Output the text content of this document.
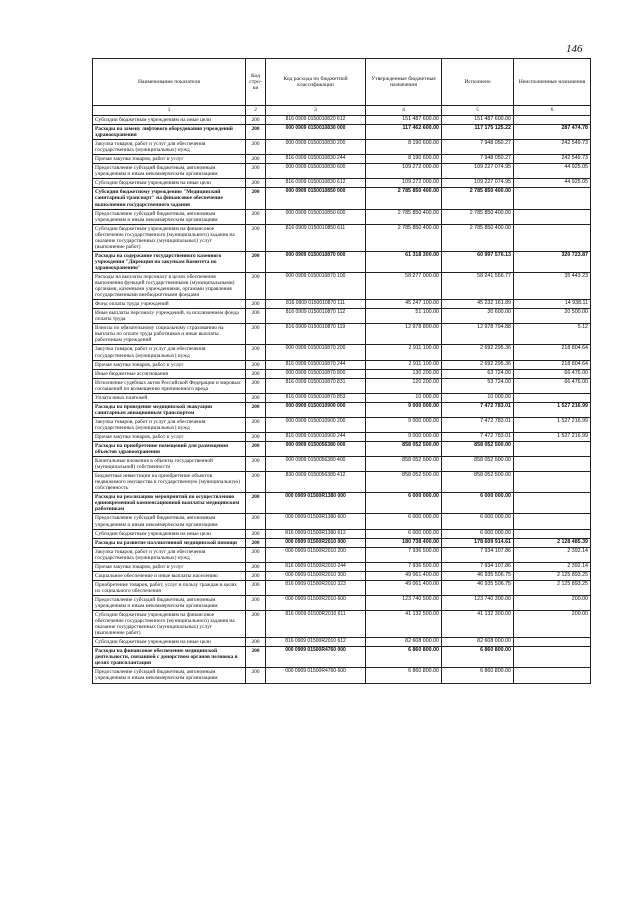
146
Наименование показателя	Код стро-ки	Код расхода по бюджетной классификации	Утвержденные бюджетные назначения	Исполнено	Неисполненные назначения
1	2	3	4	5	6
Субсидии бюджетным учреждениям на иные цели	200	816 0909 0150010820 612	151 487 600.00	151 487 600.00	
Расходы на замену лифтового оборудования учреждений здравоохранения	200	000 0909 0150010830 000	117 462 600.00	117 175 125.22	287 474.78
Закупка товаров, работ и услуг для обеспечения государственных (муниципальных) нужд	200	000 0909 0150010830 200	8 190 600.00	7 948 050.27	242 549.73
Прочая закупка товаров, работ и услуг	200	816 0909 0150010830 244	8 190 600.00	7 948 050.27	242 549.73
Предоставление субсидий бюджетным, автономным учреждениям и иным некоммерческим организациям	200	000 0909 0150010830 600	109 272 000.00	109 227 074.95	44 925.05
Субсидии бюджетным учреждениям на иные цели	200	816 0909 0150010830 612	109 272 000.00	109 227 074.95	44 925.05
Субсидии бюджетному учреждению "Медицинский санитарный транспорт" на финансовое обеспечение выполнения государственного задания	200	000 0909 0150010850 000	2 785 850 400.00	2 785 850 400.00	
Предоставление субсидий бюджетным, автономным учреждениям и иным некоммерческим организациям	200	000 0909 0150010850 600	2 785 850 400.00	2 785 850 400.00	
Субсидии бюджетным учреждениям на финансовое обеспечение государственного (муниципального) задания на оказание государственных (муниципальных) услуг (выполнение работ)	200	816 0909 0150010850 611	2 785 850 400.00	2 785 850 400.00	
Расходы на содержание государственного казенного учреждения "Дирекция по закупкам Комитета по здравоохранению"	200	000 0909 0150010870 000	61 318 300.00	60 997 576.13	320 723.87
Расходы на выплаты персоналу в целях обеспечения выполнения функций государственными (муниципальными) органами, казенными учреждениями, органами управления государственными внебюджетными фондами	200	000 0909 0150010870 100	58 277 000.00	58 241 556.77	35 443.23
Фонд оплаты труда учреждений	200	816 0909 0150010870 111	45 247 100.00	45 232 161.89	14 938.11
Иные выплаты персоналу учреждений, за исключением фонда оплаты труда	200	816 0909 0150010870 112	51 100.00	30 600.00	20 500.00
Взносы по обязательному социальному страхованию на выплаты по оплате труда работников и иные выплаты работникам учреждений	200	816 0909 0150010870 119	12 978 800.00	12 978 794.88	5.12
Закупка товаров, работ и услуг для обеспечения государственных (муниципальных) нужд	200	000 0909 0150010870 200	2 911 100.00	2 692 295.36	218 804.64
Прочая закупка товаров, работ и услуг	200	816 0909 0150010870 244	2 911 100.00	2 692 295.36	218 804.64
Иные бюджетные ассигнования	200	000 0909 0150010870 800	130 200.00	63 724.00	66 476.00
Исполнение судебных актов Российской Федерации и мировых соглашений по возмещению причиненного вреда	200	816 0909 0150010870 831	120 200.00	53 724.00	66 476.00
Уплата иных платежей	200	816 0909 0150010870 853	10 000.00	10 000.00	
Расходы на проведение медицинской эвакуации санитарным авиационным транспортом	200	000 0909 0150010900 000	9 000 000.00	7 472 783.01	1 527 216.99
Закупка товаров, работ и услуг для обеспечения государственных (муниципальных) нужд	200	000 0909 0150010900 200	9 000 000.00	7 472 783.01	1 527 216.99
Прочая закупка товаров, работ и услуг	200	816 0909 0150010900 244	9 000 000.00	7 472 783.01	1 527 216.99
Расходы на приобретение помещений для размещения объектов здравоохранения	200	000 0909 0150056380 000	858 052 500.00	858 052 500.00	
Капитальные вложения в объекты государственной (муниципальной) собственности	200	000 0909 0150056380 400	858 052 500.00	858 052 500.00	
Бюджетные инвестиции на приобретение объектов недвижимого имущества в государственную (муниципальную) собственность	200	830 0909 0150056380 412	858 052 500.00	858 052 500.00	
Расходы на реализацию мероприятий по осуществлению единовременной компенсационной выплаты медицинским работникам	200	000 0909 01500R1380 000	6 000 000.00	6 000 000.00	
Предоставление субсидий бюджетным, автономным учреждениям и иным некоммерческим организациям	200	000 0909 01500R1380 600	6 000 000.00	6 000 000.00	
Субсидии бюджетным учреждениям на иные цели	200	816 0909 01500R1380 612	6 000 000.00	6 000 000.00	
Расходы на развитие паллиативной медицинской помощи	200	000 0909 01500R2010 000	180 738 400.00	178 609 914.61	2 128 485.39
Закупка товаров, работ и услуг для обеспечения государственных (муниципальных) нужд	200	000 0909 01500R2010 200	7 936 500.00	7 934 107.86	2 392.14
Прочая закупка товаров, работ и услуг	200	816 0909 01500R2010 244	7 936 500.00	7 934 107.86	2 392.14
Социальное обеспечение и иные выплаты населению	200	000 0909 01500R2010 300	49 061 400.00	46 935 506.75	2 125 893.25
Приобретение товаров, работ, услуг в пользу граждан в целях их социального обеспечения	200	816 0909 01500R2010 323	49 061 400.00	46 935 506.75	2 125 893.25
Предоставление субсидий бюджетным, автономным учреждениям и иным некоммерческим организациям	200	000 0909 01500R2010 600	123 740 500.00	123 740 300.00	200.00
Субсидии бюджетным учреждениям на финансовое обеспечение государственного (муниципального) задания на оказание государственных (муниципальных) услуг (выполнение работ)	200	816 0909 01500R2010 611	41 132 500.00	41 132 300.00	200.00
Субсидии бюджетным учреждениям на иные цели	200	816 0909 01500R2010 612	82 608 000.00	82 608 000.00	
Расходы на финансовое обеспечение медицинской деятельности, связанной с донорством органов человека в целях трансплантации	200	000 0909 01500R4760 000	6 860 800.00	6 860 800.00	
Предоставление субсидий бюджетным, автономным учреждениям и иным некоммерческим организациям	200	000 0909 01500R4760 600	6 860 800.00	6 860 800.00	
